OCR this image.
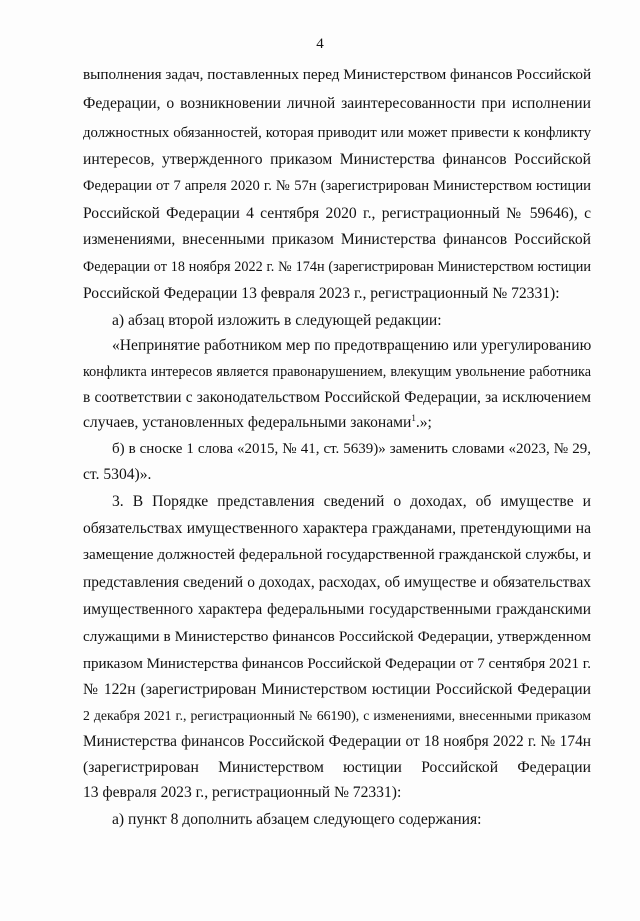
4
выполнения задач, поставленных перед Министерством финансов Российской
Федерации, о возникновении личной заинтересованности при исполнении
должностных обязанностей, которая приводит или может привести к конфликту
интересов, утвержденного приказом Министерства финансов Российской
Федерации от 7 апреля 2020 г. № 57н (зарегистрирован Министерством юстиции
Российской Федерации 4 сентября 2020 г., регистрационный № 59646), с
изменениями, внесенными приказом Министерства финансов Российской
Федерации от 18 ноября 2022 г. № 174н (зарегистрирован Министерством юстиции
Российской Федерации 13 февраля 2023 г., регистрационный № 72331):
а) абзац второй изложить в следующей редакции:
«Непринятие работником мер по предотвращению или урегулированию
конфликта интересов является правонарушением, влекущим увольнение работника
в соответствии с законодательством Российской Федерации, за исключением
случаев, установленных федеральными законами$^1$.»;
б) в сноске 1 слова «2015, № 41, ст. 5639)» заменить словами «2023, № 29,
ст. 5304)».
3. В Порядке представления сведений о доходах, об имуществе и
обязательствах имущественного характера гражданами, претендующими на
замещение должностей федеральной государственной гражданской службы, и
представления сведений о доходах, расходах, об имуществе и обязательствах
имущественного характера федеральными государственными гражданскими
служащими в Министерство финансов Российской Федерации, утвержденном
приказом Министерства финансов Российской Федерации от 7 сентября 2021 г.
№ 122н (зарегистрирован Министерством юстиции Российской Федерации
2 декабря 2021 г., регистрационный № 66190), с изменениями, внесенными приказом
Министерства финансов Российской Федерации от 18 ноября 2022 г. № 174н
(зарегистрирован Министерством юстиции Российской Федерации
13 февраля 2023 г., регистрационный № 72331):
а) пункт 8 дополнить абзацем следующего содержания:
